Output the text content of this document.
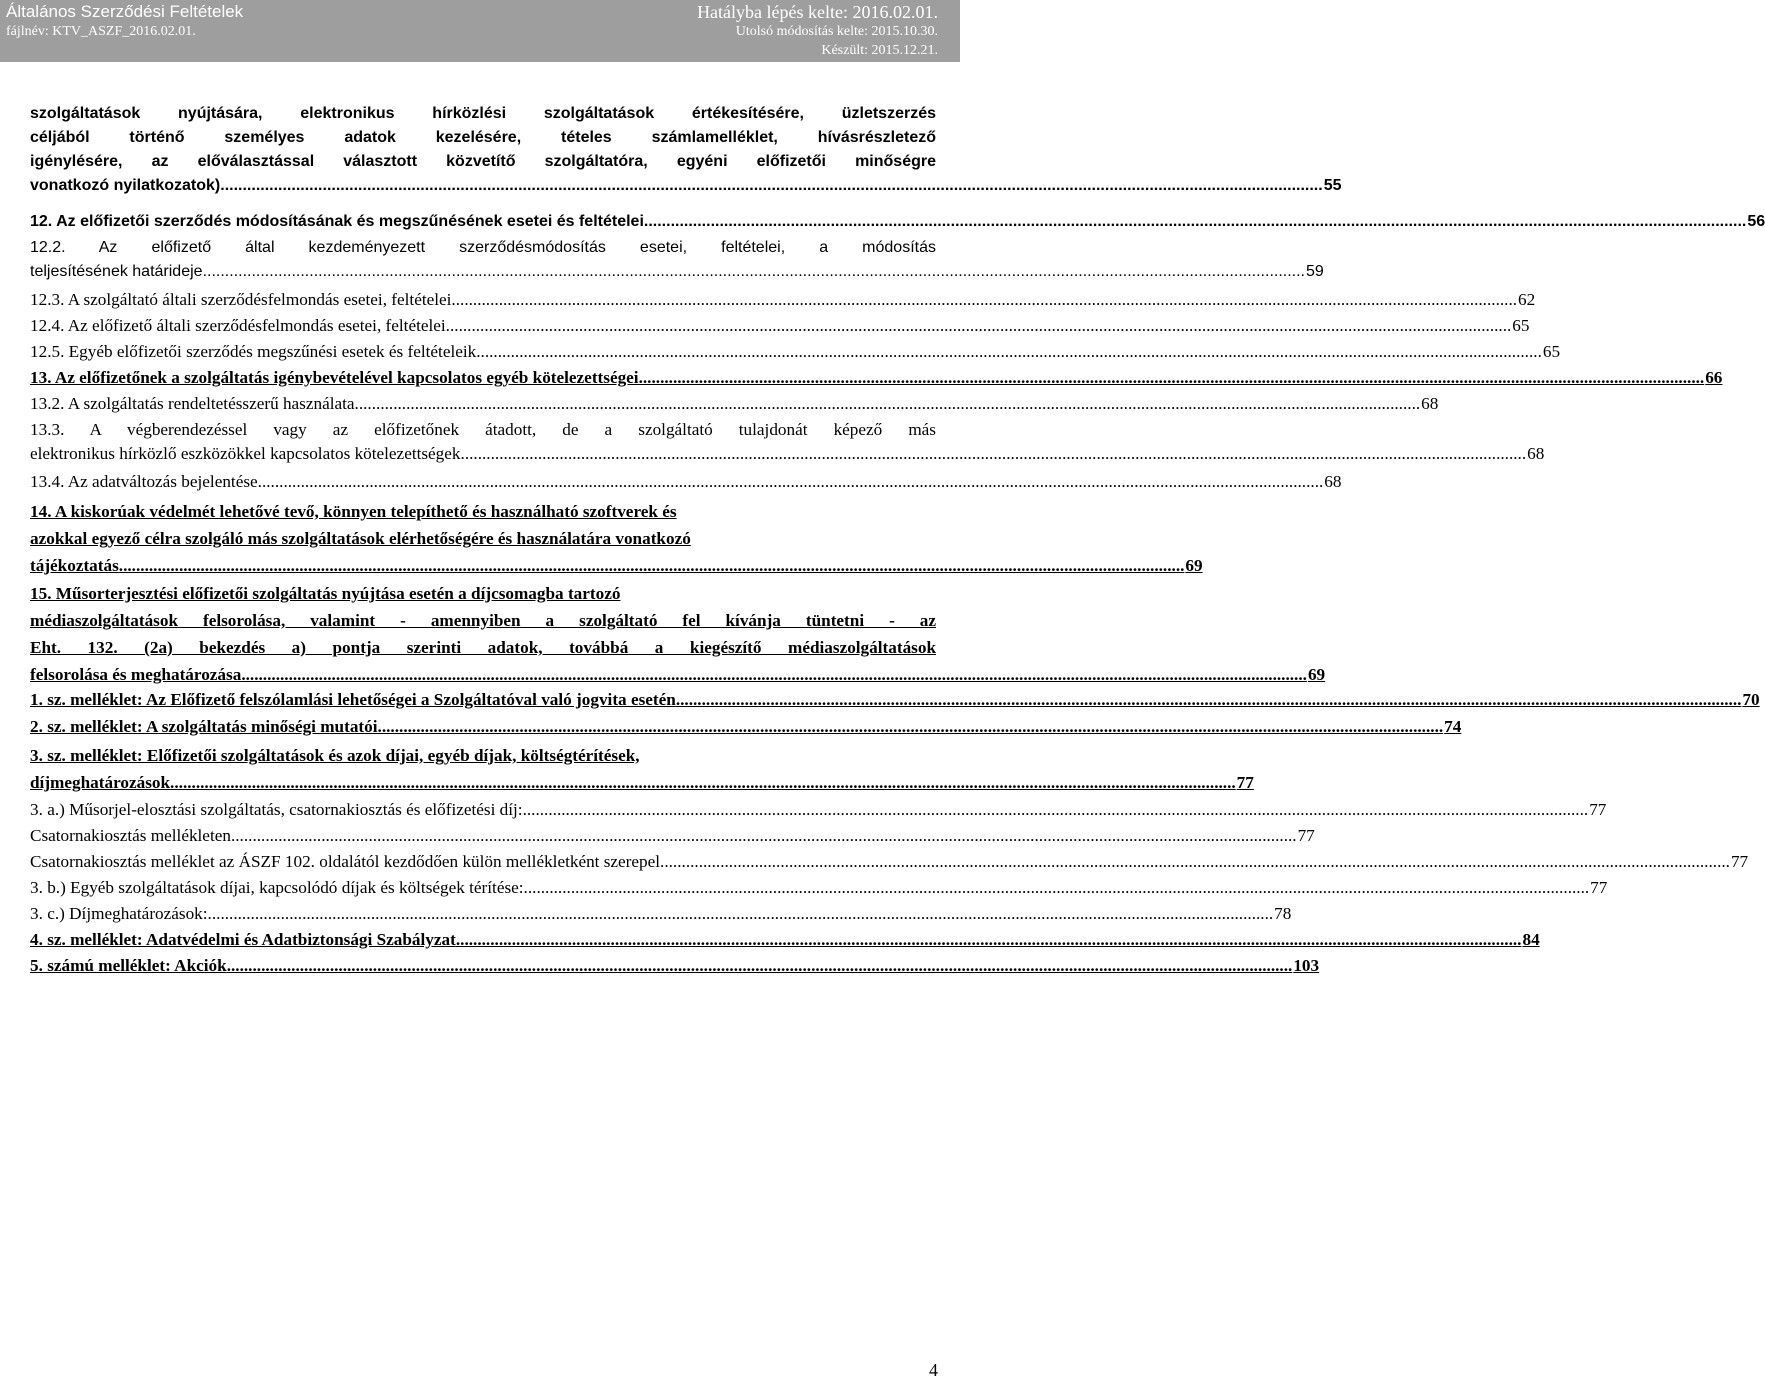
Általános Szerződési Feltételek
fájlnév: KTV_ASZF_2016.02.01.
Hatályba lépés kelte: 2016.02.01.
Utolsó módosítás kelte: 2015.10.30.
Készült: 2015.12.21.
szolgáltatások nyújtására, elektronikus hírközlési szolgáltatások értékesítésére, üzletszerzés
céljából történő személyes adatok kezelésére, tételes számlamelléklet, hívásrészletező
igénylésére, az előválasztással választott közvetítő szolgáltatóra, egyéni előfizetői minőségre
vonatkozó nyilatkozatok) .....	55
12. Az előfizetői szerződés módosításának és megszűnésének esetei és feltételei .....	56
12.2. Az előfizető által kezdeményezett szerződésmódosítás esetei, feltételei, a módosítás
teljesítésének határideje .....	59
12.3. A szolgáltató általi szerződésfelmondás esetei, feltételei .....	62
12.4. Az előfizető általi szerződésfelmondás esetei, feltételei .....	65
12.5. Egyéb előfizetői szerződés megszűnési esetek és feltételeik .....	65
13. Az előfizetőnek a szolgáltatás igénybevételével kapcsolatos egyéb kötelezettségei .....	66
13.2. A szolgáltatás rendeltetésszerű használata .....	68
13.3. A végberendezéssel vagy az előfizetőnek átadott, de a szolgáltató tulajdonát képező más
elektronikus hírközlő eszközökkel kapcsolatos kötelezettségek .....	68
13.4. Az adatváltozás bejelentése .....	68
14. A kiskorúak védelmét lehetővé tevő, könnyen telepíthető és használható szoftverek és
azokkal egyező célra szolgáló más szolgáltatások elérhetőségére és használatára vonatkozó
tájékoztatás .....	69
15. Műsorterjesztési előfizetői szolgáltatás nyújtása esetén a díjcsomagba tartozó
médiaszolgáltatások felsorolása, valamint - amennyiben a szolgáltató fel kívánja tüntetni - az
Eht. 132. (2a) bekezdés a) pontja szerinti adatok, továbbá a kiegészítő médiaszolgáltatások
felsorolása és meghatározása .....	69
1. sz. melléklet: Az Előfizető felszólamlási lehetőségei a Szolgáltatóval való jogvita esetén .....	70
2. sz. melléklet: A szolgáltatás minőségi mutatói .....	74
3. sz. melléklet: Előfizetői szolgáltatások és azok díjai, egyéb díjak, költségtérítések,
díjmeghatározások .....	77
3. a.) Műsorjel-elosztási szolgáltatás, csatornakiosztás és előfizetési díj: .....	77
Csatornakiosztás mellékleten .....	77
Csatornakiosztás melléklet az ÁSZF 102. oldalától kezdődően külön mellékletként szerepel. .....	77
3. b.) Egyéb szolgáltatások díjai, kapcsolódó díjak és költségek térítése: .....	77
3. c.) Díjmeghatározások: .....	78
4. sz. melléklet: Adatvédelmi és Adatbiztonsági Szabályzat .....	84
5. számú melléklet: Akciók .....	103
4
